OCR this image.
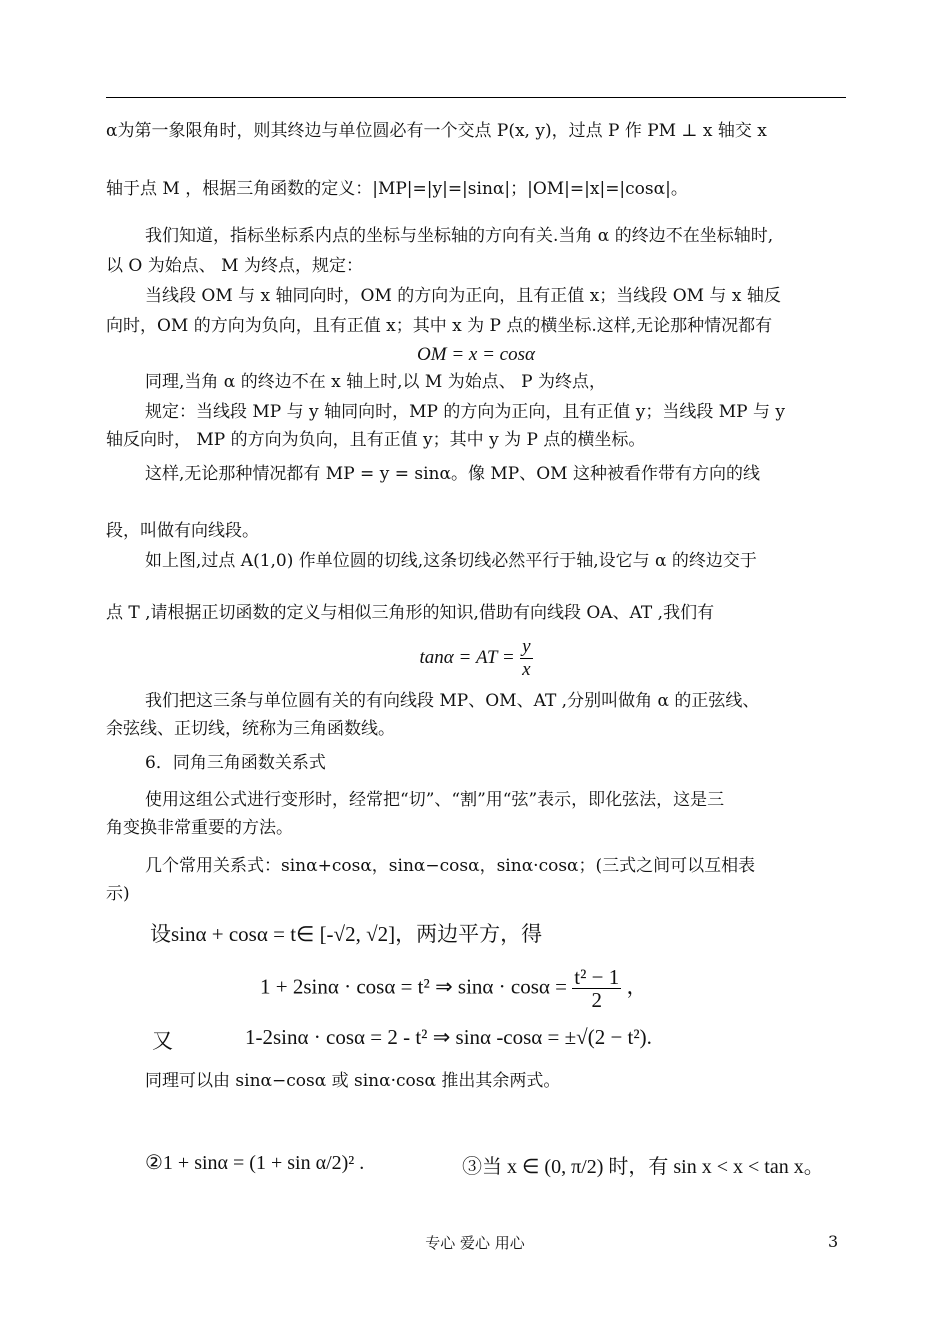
α为第一象限角时，则其终边与单位圆必有一个交点 P(x, y)，过点 P 作 PM ⊥ x 轴交 x
轴于点 M ，根据三角函数的定义：|MP|=|y|=|sinα|；|OM|=|x|=|cosα|。
我们知道，指标坐标系内点的坐标与坐标轴的方向有关.当角 α 的终边不在坐标轴时,
以 O 为始点、 M 为终点，规定：
当线段 OM 与 x 轴同向时，OM 的方向为正向，且有正值 x；当线段 OM 与 x 轴反
向时，OM 的方向为负向，且有正值 x；其中 x 为 P 点的横坐标.这样,无论那种情况都有
OM = x = cosα
同理,当角 α 的终边不在 x 轴上时,以 M 为始点、 P 为终点，
规定：当线段 MP 与 y 轴同向时，MP 的方向为正向，且有正值 y；当线段 MP 与 y
轴反向时， MP 的方向为负向，且有正值 y；其中 y 为 P 点的横坐标。
这样,无论那种情况都有 MP = y = sinα。像 MP、OM 这种被看作带有方向的线
段，叫做有向线段。
如上图,过点 A(1,0) 作单位圆的切线,这条切线必然平行于轴,设它与 α 的终边交于
点 T ,请根据正切函数的定义与相似三角形的知识,借助有向线段 OA、AT ,我们有
tanα = AT = $\frac{y}{x}$
我们把这三条与单位圆有关的有向线段 MP、OM、AT ,分别叫做角 α 的正弦线、
余弦线、正切线，统称为三角函数线。
6．同角三角函数关系式
使用这组公式进行变形时，经常把“切”、“割”用“弦”表示，即化弦法，这是三
角变换非常重要的方法。
几个常用关系式：sinα+cosα，sinα−cosα，sinα·cosα；(三式之间可以互相表
示)
设sinα + cosα = t∈ [-√2, √2]，两边平方，得
1 + 2sinα · cosα = t² ⇒ $\sin\alpha \cdot \cos\alpha = \frac{\text{t² − 1}}{2}$ ，
又	1-2sinα · cosα = 2 - t² ⇒ sinα -cosα = ±√(2 − t²).
同理可以由 sinα−cosα 或 sinα·cosα 推出其余两式。
②1 + sinα = (1 + sin α/2)² .	③当 x ∈ (0, π/2) 时，有 sin x < x < tan x。
专心 爱心 用心	3
